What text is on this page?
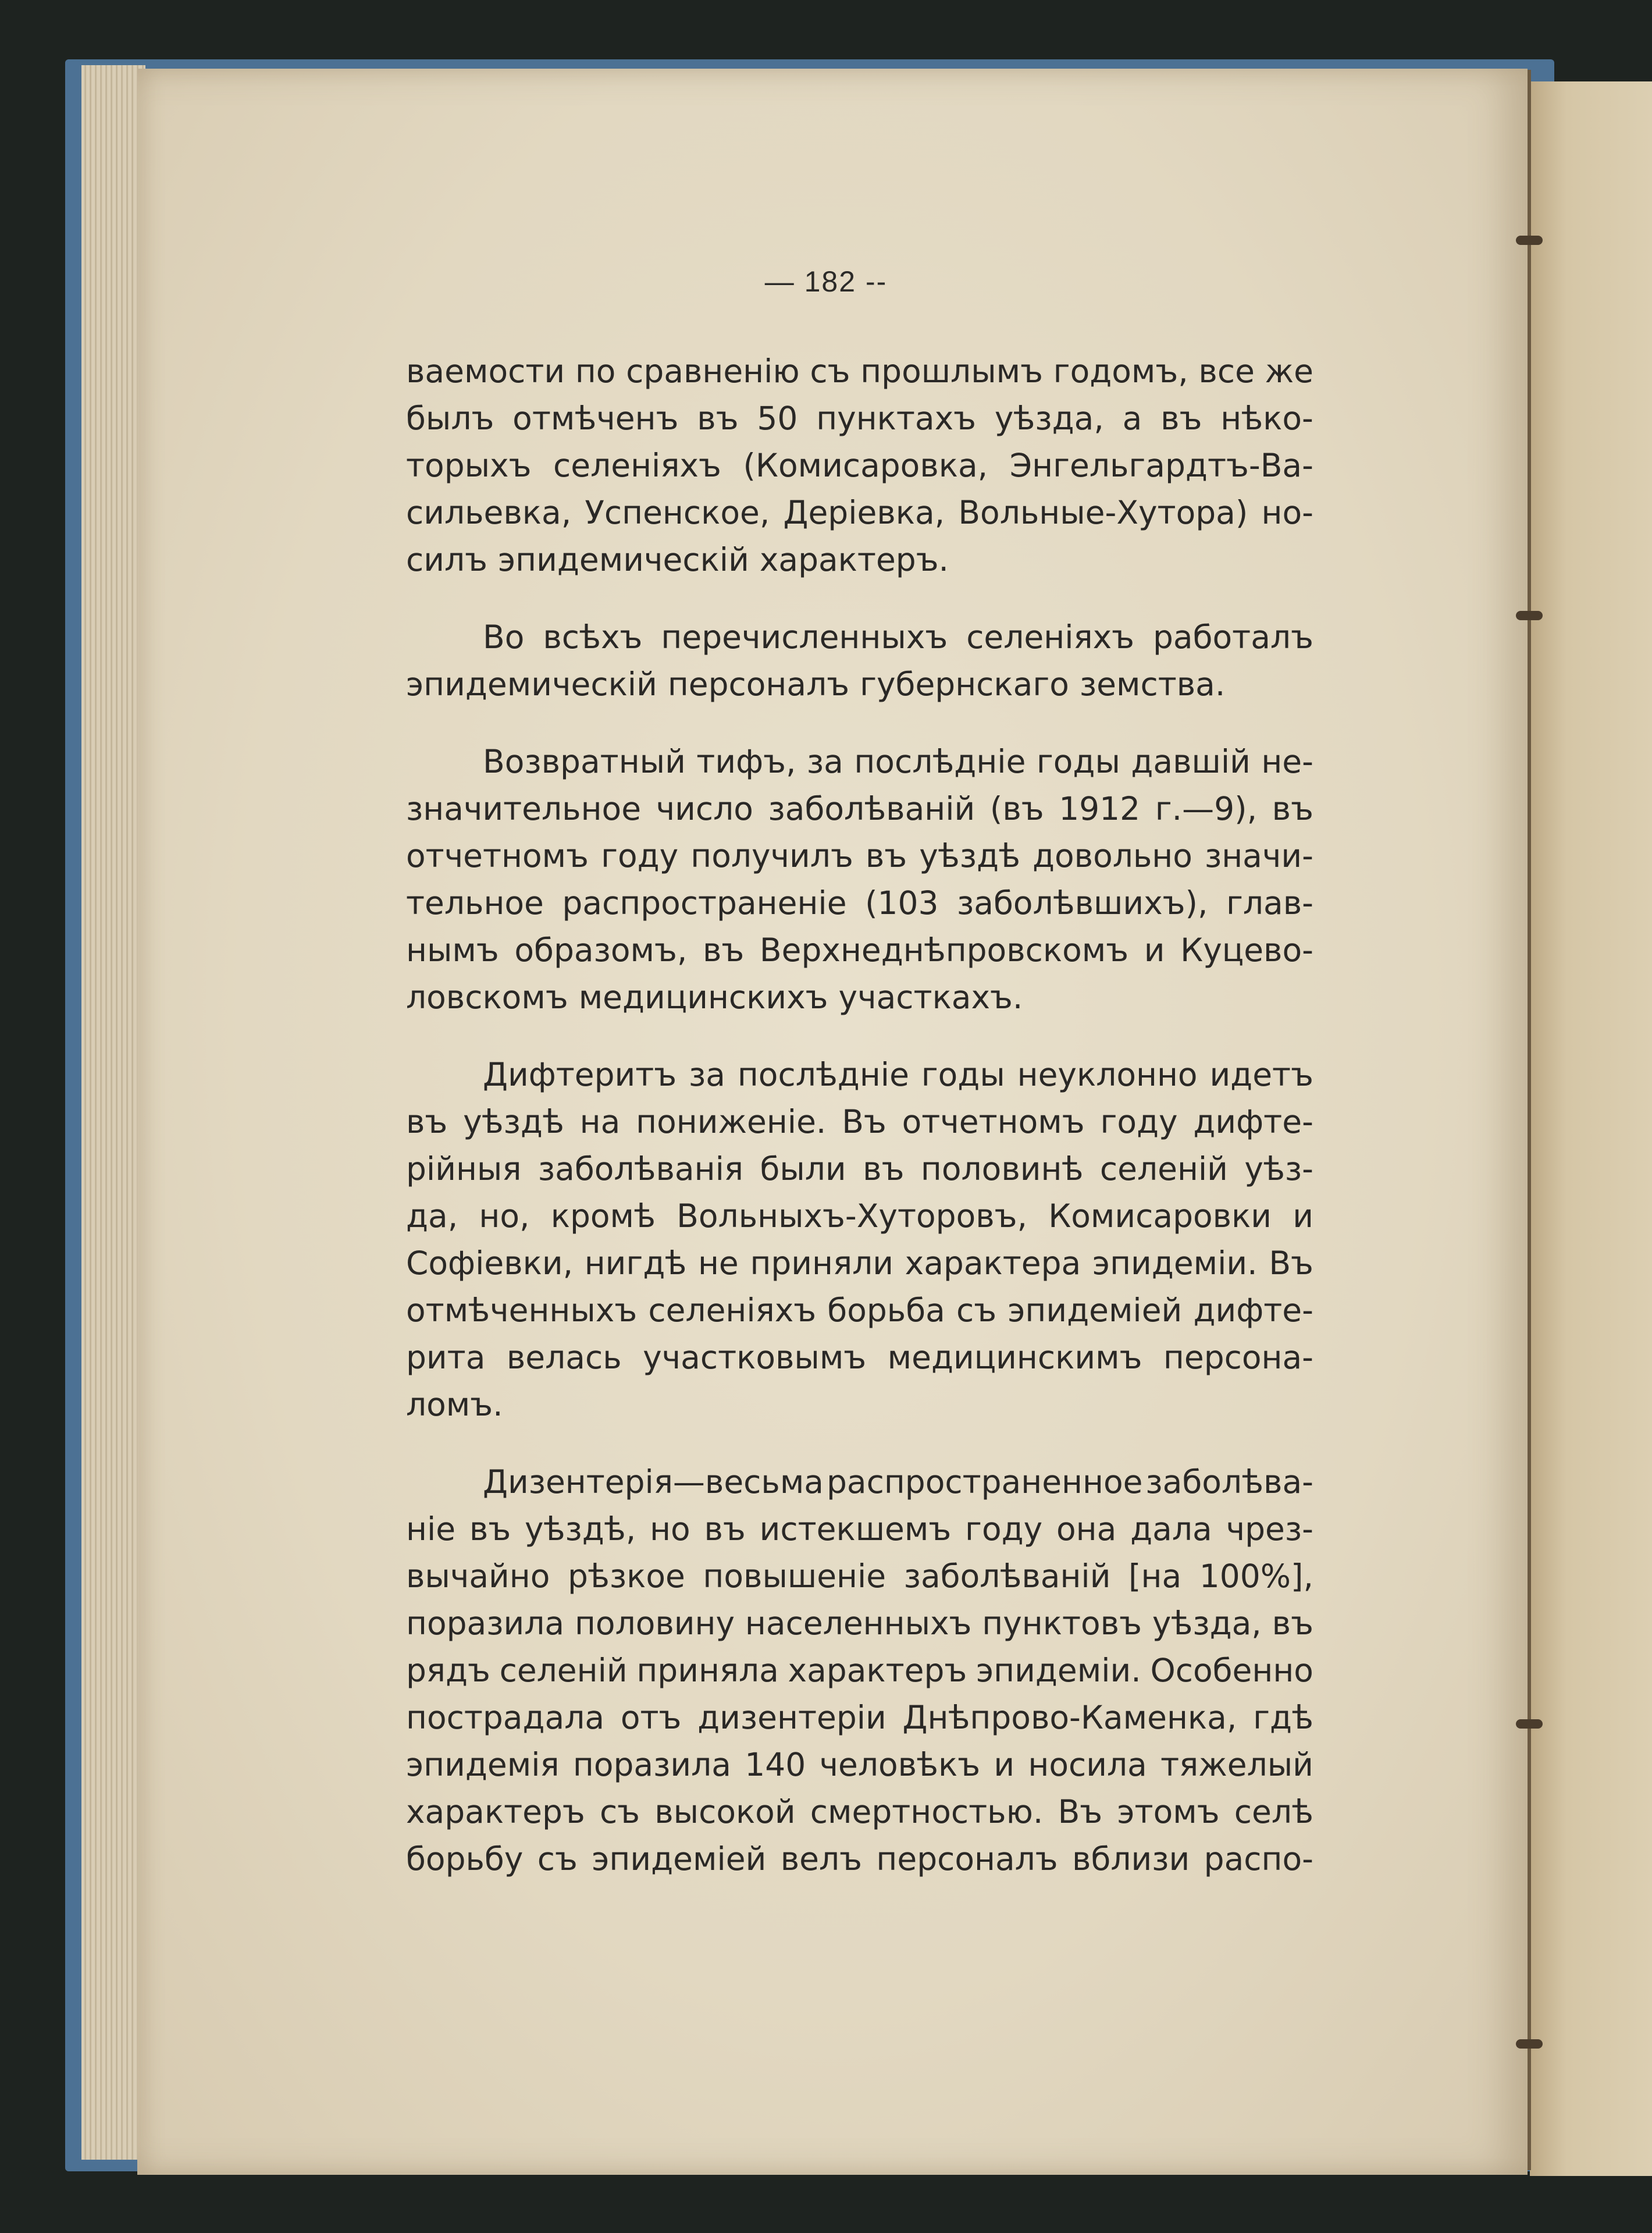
— 182 --
ваемости по сравненію съ прошлымъ годомъ, все же
былъ отмѣченъ въ 50 пунктахъ уѣзда, а въ нѣко-
торыхъ селеніяхъ (Комисаровка, Энгельгардтъ-Ва-
сильевка, Успенское, Деріевка, Вольные-Хутора) но-
силъ эпидемическій характеръ.
Во всѣхъ перечисленныхъ селеніяхъ работалъ
эпидемическій персоналъ губернскаго земства.
Возвратный тифъ, за послѣдніе годы давшій не-
значительное число заболѣваній (въ 1912 г.—9), въ
отчетномъ году получилъ въ уѣздѣ довольно значи-
тельное распространеніе (103 заболѣвшихъ), глав-
нымъ образомъ, въ Верхнеднѣпровскомъ и Куцево-
ловскомъ медицинскихъ участкахъ.
Дифтеритъ за послѣдніе годы неуклонно идетъ
въ уѣздѣ на пониженіе. Въ отчетномъ году дифте-
рійныя заболѣванія были въ половинѣ селеній уѣз-
да, но, кромѣ Вольныхъ-Хуторовъ, Комисаровки и
Софіевки, нигдѣ не приняли характера эпидеміи. Въ
отмѣченныхъ селеніяхъ борьба съ эпидеміей дифте-
рита велась участковымъ медицинскимъ персона-
ломъ.
Дизентерія—весьма распространенное заболѣва-
ніе въ уѣздѣ, но въ истекшемъ году она дала чрез-
вычайно рѣзкое повышеніе заболѣваній [на 100%],
поразила половину населенныхъ пунктовъ уѣзда, въ
рядъ селеній приняла характеръ эпидеміи. Особенно
пострадала отъ дизентеріи Днѣпрово-Каменка, гдѣ
эпидемія поразила 140 человѣкъ и носила тяжелый
характеръ съ высокой смертностью. Въ этомъ селѣ
борьбу съ эпидеміей велъ персоналъ вблизи распо-
